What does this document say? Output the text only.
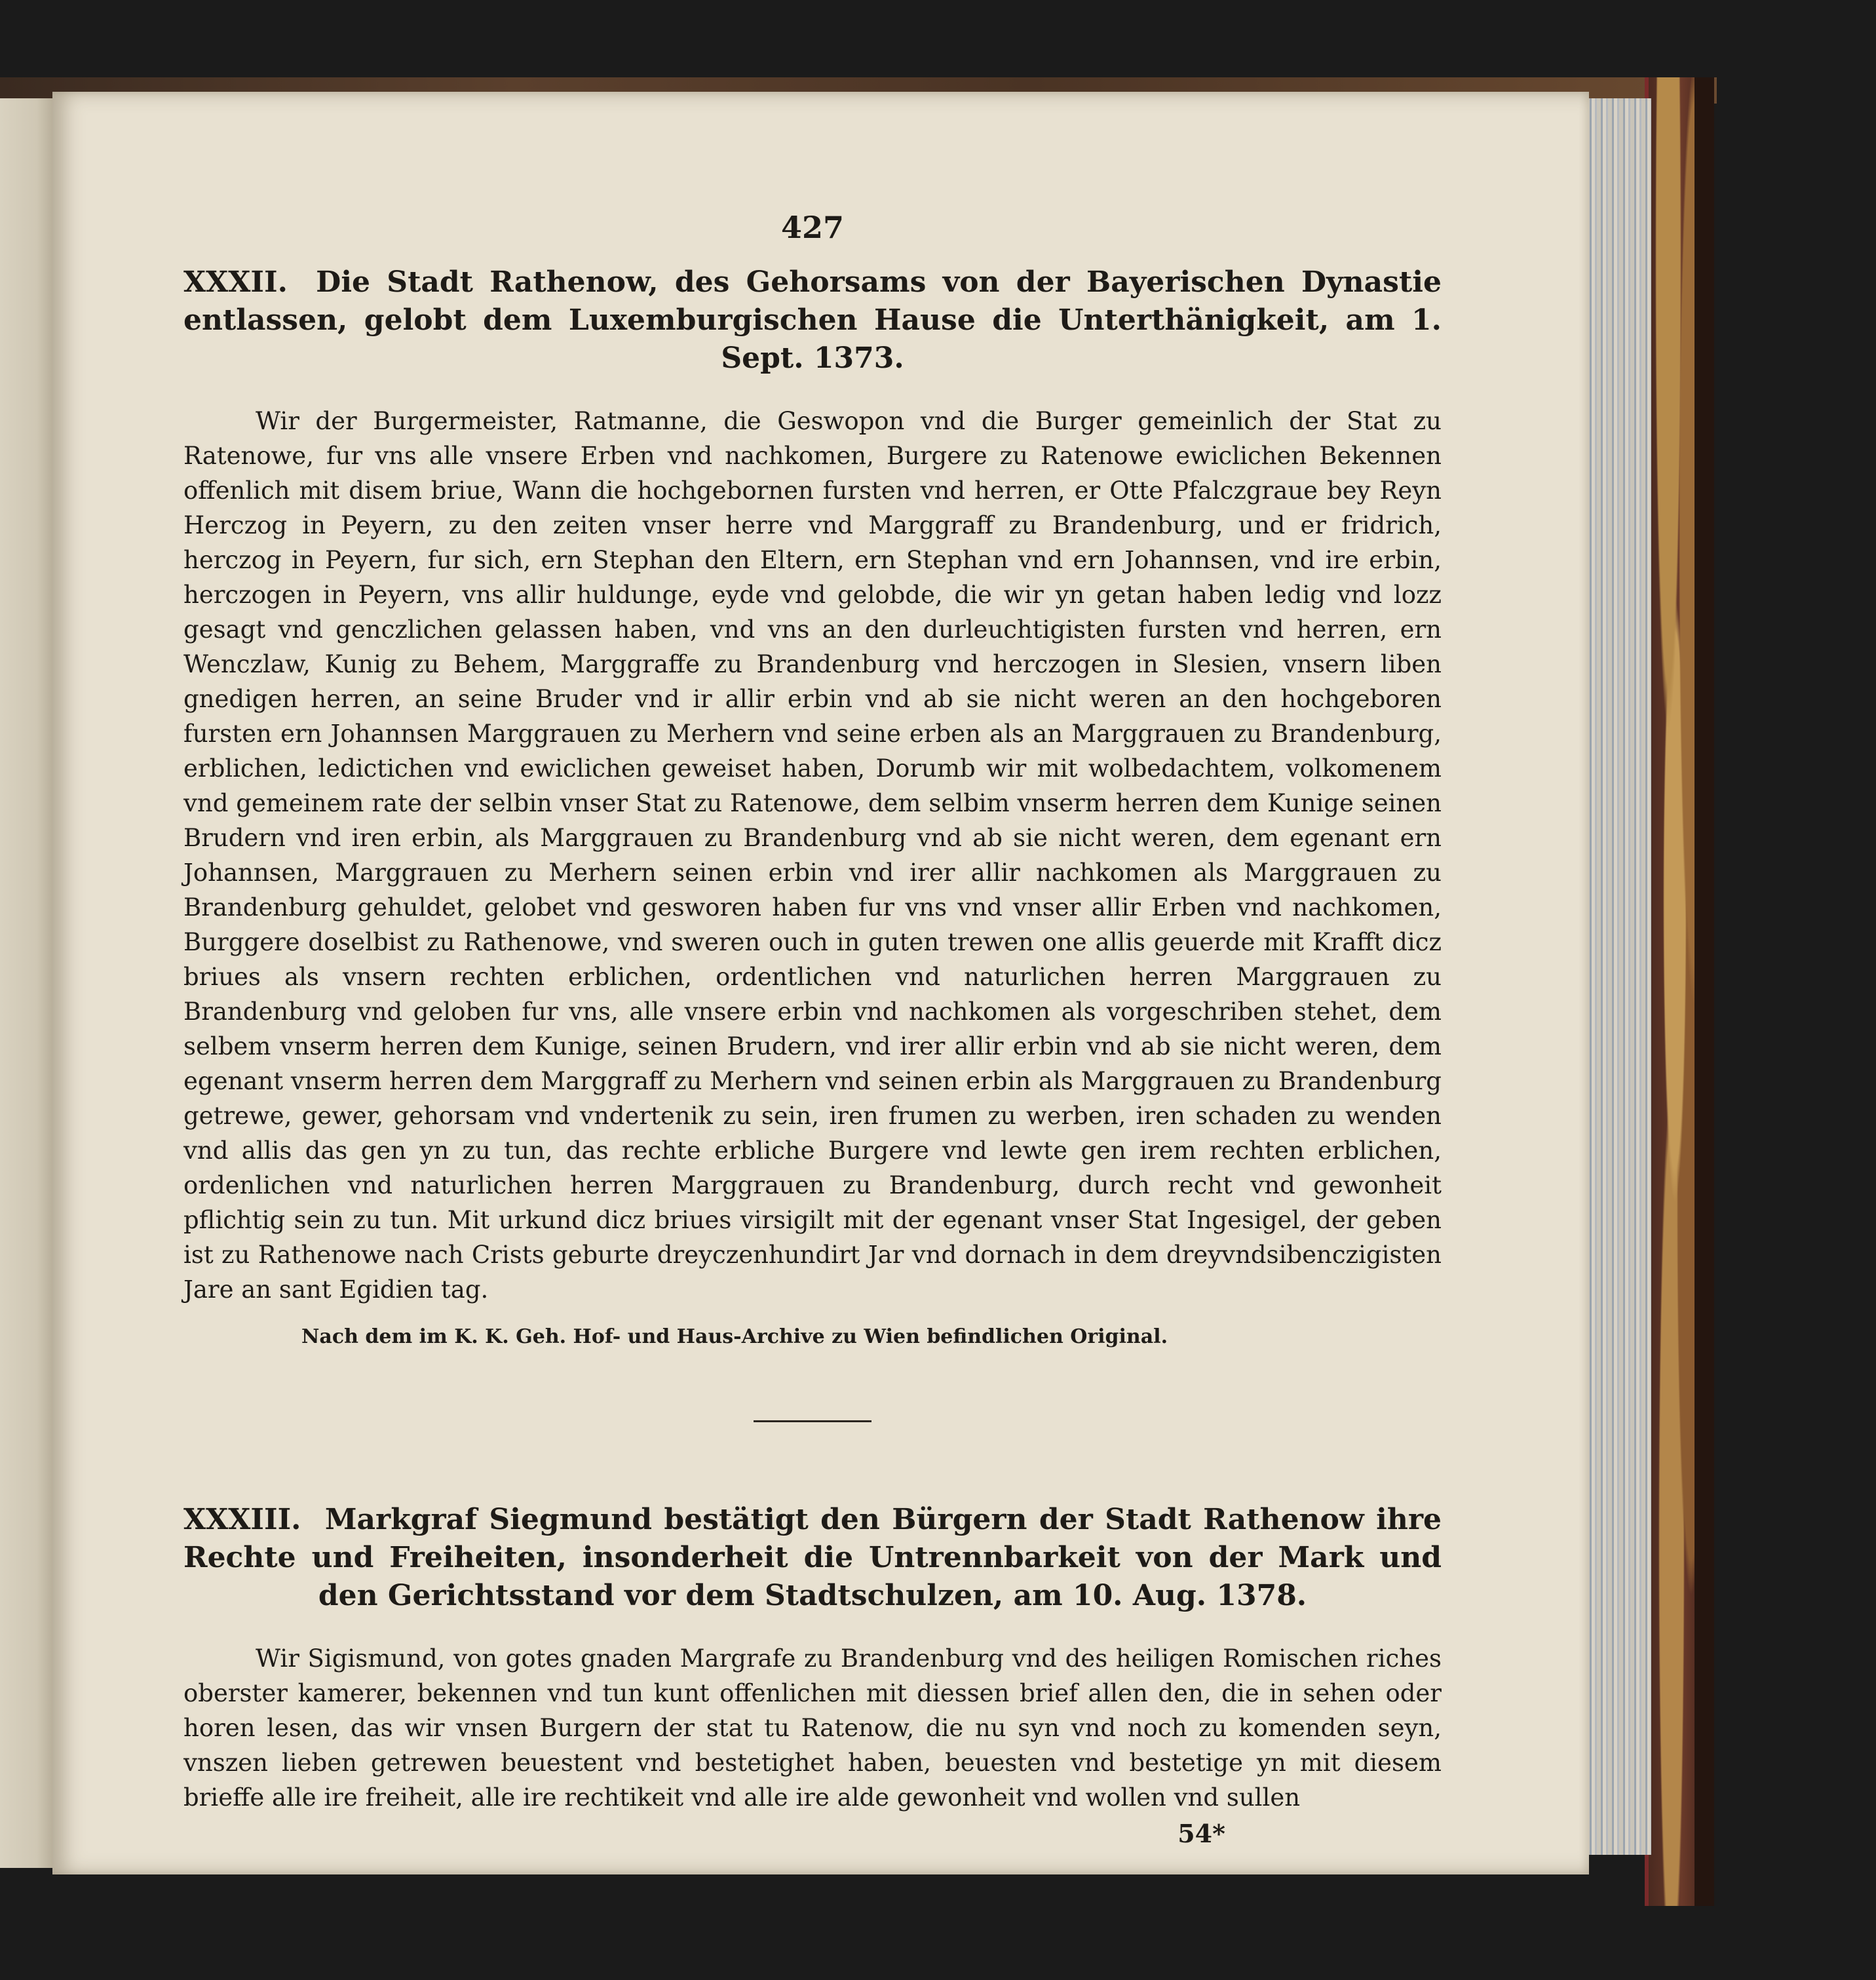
427
XXXII. Die Stadt Rathenow, des Gehorsams von der Bayerischen Dynastie entlassen, gelobt dem Luxemburgischen Hause die Unterthänigkeit, am 1. Sept. 1373.

Wir der Burgermeister, Ratmanne, die Geswороn vnd die Burger gemeinlich der Stat zu Ratenowe, fur vns alle vnsere Erben vnd nachkomen, Burgere zu Ratenowe ewiclichen Bekennen offenlich mit disem briue, Wann die hochgebornen fursten vnd herren, er Otte Pfalczgraue bey Reyn Herczog in Peyern, zu den zeiten vnser herre vnd Marggraff zu Brandenburg, und er fridrich, herczog in Peyern, fur sich, ern Stephan den Eltern, ern Stephan vnd ern Johannsen, vnd ire erbin, herczogen in Peyern, vns allir huldunge, eyde vnd gelobde, die wir yn getan haben ledig vnd lozz gesagt vnd genczlichen gelassen haben, vnd vns an den durleuchtigisten fursten vnd herren, ern Wenczlaw, Kunig zu Behem, Marggraffe zu Brandenburg vnd herczogen in Slesien, vnsern liben gnedigen herren, an seine Bruder vnd ir allir erbin vnd ab sie nicht weren an den hochgeboren fursten ern Johannsen Marggrauen zu Merhern vnd seine erben als an Marggrauen zu Brandenburg, erblichen, ledictichen vnd ewiclichen geweiset haben, Dorumb wir mit wolbedachtem, volkomenem vnd gemeinem rate der selbin vnser Stat zu Ratenowe, dem selbim vnserm herren dem Kunige seinen Brudern vnd iren erbin, als Marggrauen zu Brandenburg vnd ab sie nicht weren, dem egenant ern Johannsen, Marggrauen zu Merhern seinen erbin vnd irer allir nachkomen als Marggrauen zu Brandenburg gehuldet, gelobet vnd geswоren haben fur vns vnd vnser allir Erben vnd nachkomen, Burggere doselbist zu Rathenowe, vnd sweren ouch in guten trewen one allis geuerde mit Krafft dicz briues als vnsern rechten erblichen, ordentlichen vnd naturlichen herren Marggrauen zu Brandenburg vnd geloben fur vns, alle vnsere erbin vnd nachkomen als vorgeschriben stehet, dem selbem vnserm herren dem Kunige, seinen Brudern, vnd irer allir erbin vnd ab sie nicht weren, dem egenant vnserm herren dem Marggraff zu Merhern vnd seinen erbin als Marggrauen zu Brandenburg getrewe, gewer, gehorsam vnd vndertenik zu sein, iren frumen zu werben, iren schaden zu wenden vnd allis das gen yn zu tun, das rechte erbliche Burgere vnd lewte gen irem rechten erblichen, ordenlichen vnd naturlichen herren Marggrauen zu Brandenburg, durch recht vnd gewonheit pflichtig sein zu tun. Mit urkund dicz briues virsigilt mit der egenant vnser Stat Ingesigel, der geben ist zu Rathenowe nach Crists geburte dreyczenhundirt Jar vnd dornach in dem dreyvndsibenczigisten Jare an sant Egidien tag.

Nach dem im K. K. Geh. Hof- und Haus-Archive zu Wien befindlichen Original.
XXXIII. Markgraf Siegmund bestätigt den Bürgern der Stadt Rathenow ihre Rechte und Freiheiten, insonderheit die Untrennbarkeit von der Mark und den Gerichtsstand vor dem Stadtschulzen, am 10. Aug. 1378.

Wir Sigismund, von gotes gnaden Margrafe zu Brandenburg vnd des heiligen Romischen riches oberster kamerer, bekennen vnd tun kunt offenlichen mit diessen brief allen den, die in sehen oder horen lesen, das wir vnsen Burgern der stat tu Ratenow, die nu syn vnd noch zu komenden seyn, vnszen lieben getrewen beuestent vnd bestetighet haben, beuesten vnd bestetige yn mit diesem brieffe alle ire freiheit, alle ire rechtikeit vnd alle ire alde gewonheit vnd wollen vnd sullen

54*
